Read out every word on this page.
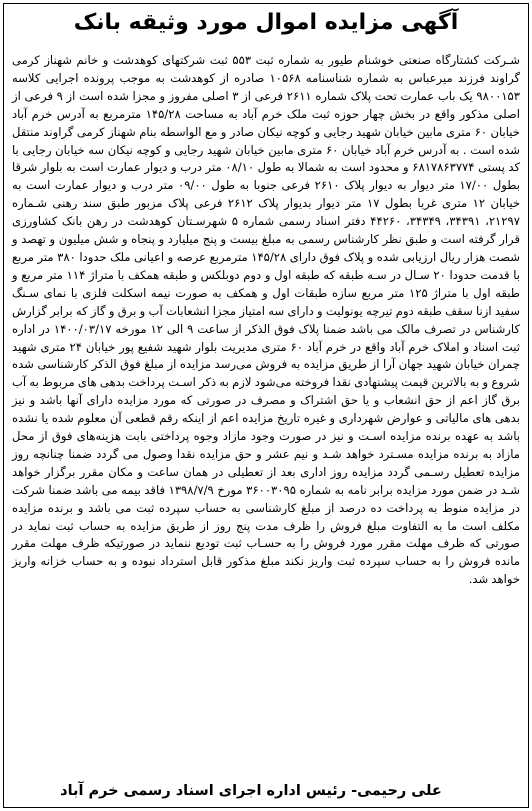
آگهی مزایده اموال مورد وثیقه بانک
شـرکت کشتارگاه صنعتی خوشنام طیور به شماره ثبت ۵۵۳ ثبت شرکتهای کوهدشت و خانم شهناز کرمی گراوند فرزند میرعباس به شماره شناسنامه ۱۰۵۶۸ صادره از کوهدشت به موجب پرونده اجرایی کلاسه ۹۸۰۰۱۵۳ یک باب عمارت تحت پلاک شماره ۲۶۱۱ فرعی از ۳ اصلی مفروز و مجزا شده است از ۹ فرعی از اصلی مذکور واقع در بخش چهار حوزه ثبت ملک خرم آباد به مساحت ۱۴۵/۲۸ مترمربع به آدرس خرم آباد خیابان ۶۰ متری مابین خیابان شهید رجایی و کوچه نیکان صادر و مع الواسطه بنام شهناز کرمی گراوند منتقل شده است . به آدرس خرم آباد خیابان ۶۰ متری مابین خیابان شهید رجایی و کوچه نیکان سه خیابان رجایی با کد پستی ۶۸۱۷۸۶۳۷۷۴ و محدود است به شمالا به طول ۰۸/۱۰ متر درب و دیوار عمارت است به بلوار شرقا بطول ۱۷/۰۰ متر دیوار به دیوار پلاک ۲۶۱۰ فرعی جنوبا به طول ۰۹/۰۰ متر درب و دیوار عمارت است به خیابان ۱۲ متری غربا بطول ۱۷ متر دیوار بدیوار پلاک ۲۶۱۲ فرعی پلاک مزبور طبق سند رهنی شـماره ۲۱۲۹۷، ۳۴۳۹۱، ۳۴۳۴۹، ۴۴۲۶۰ دفتر اسناد رسمی شماره ۵ شهرسـتان کوهدشت در رهن بانک کشاورزی قرار گرفته است و طبق نظر کارشناس رسمی به مبلغ بیست و پنج میلیارد و پنجاه و شش میلیون و تهصد و شصت هزار ریال ارزیابی شده و پلاک فوق دارای ۱۴۵/۲۸ مترمربع عرصه و اعیانی ملک حدودا ۳۸۰ متر مربع با قدمت حدودا ۲۰ سـال در سـه طبقه که طبقه اول و دوم دوبلکس و طبقه همکف با متراژ ۱۱۴ متر مربع و طبقه اول با متراژ ۱۲۵ متر مربع سازه طبقات اول و همکف به صورت نیمه اسکلت فلزی با نمای سـنگ سفید ازنا سقف طبقه دوم تیرچه یونولیت و دارای سه امتیاز مجزا انشعابات آب و برق و گاز که برابر گزارش کارشناس در تصرف مالک می باشد ضمنا پلاک فوق الذکر از ساعت ۹ الی ۱۲ مورخه ۱۴۰۰/۰۳/۱۷ در اداره ثبت اسناد و املاک خرم آباد واقع در خرم آباد ۶۰ متری مدیریت بلوار شهید شفیع پور خیابان ۲۴ متری شهید چمران خیابان شهید جهان آرا از طریق مزایده به فروش می‌رسد مزایده از مبلغ فوق الذکر کارشناسی شده شروع و به بالاترین قیمت پیشنهادی نقدا فروخته می‌شود لازم به ذکر اسـت پرداخت بدهی های مربوط به آب برق گاز اعم از حق انشعاب و یا حق اشتراک و مصرف در صورتی که مورد مزایده دارای آنها باشد و نیز بدهی های مالیاتی و عوارض شهرداری و غیره تاریخ مزایده اعم از اینکه رقم قطعی آن معلوم شده یا نشده باشد به عهده برنده مزایده اسـت و نیز در صورت وجود مازاد وجوه پرداختی بابت هزینه‌های فوق از محل مازاد به برنده مزایده مسـترد خواهد شـد و نیم عشر و حق مزایده نقدا وصول می گردد ضمنا چنانچه روز مزایده تعطیل رسـمی گردد مزایده روز اداری بعد از تعطیلی در همان ساعت و مکان مقرر برگزار خواهد شـد در ضمن مورد مزایده برابر نامه به شماره ۳۶۰۰۳۰۹۵ مورخ ۱۳۹۸/۷/۹ فاقد بیمه می باشد ضمنا شرکت در مزایده منوط به پرداخت ده درصد از مبلغ کارشناسی به حساب سپرده ثبت می باشد و برنده مزایده مکلف است ما به التفاوت مبلغ فروش را ظرف مدت پنج روز از طریق مزایده به حساب ثبت نماید در صورتی که ظرف مهلت مقرر مورد فروش را به حسـاب ثبت تودیع ننماید در صورتیکه ظرف مهلت مقرر مانده فروش را به حساب سپرده ثبت واریز نکند مبلغ مذکور قابل استرداد نبوده و به حساب خزانه واریز خواهد شد.
علی رحیمی- رئیس اداره اجرای اسناد رسمی خرم آباد
